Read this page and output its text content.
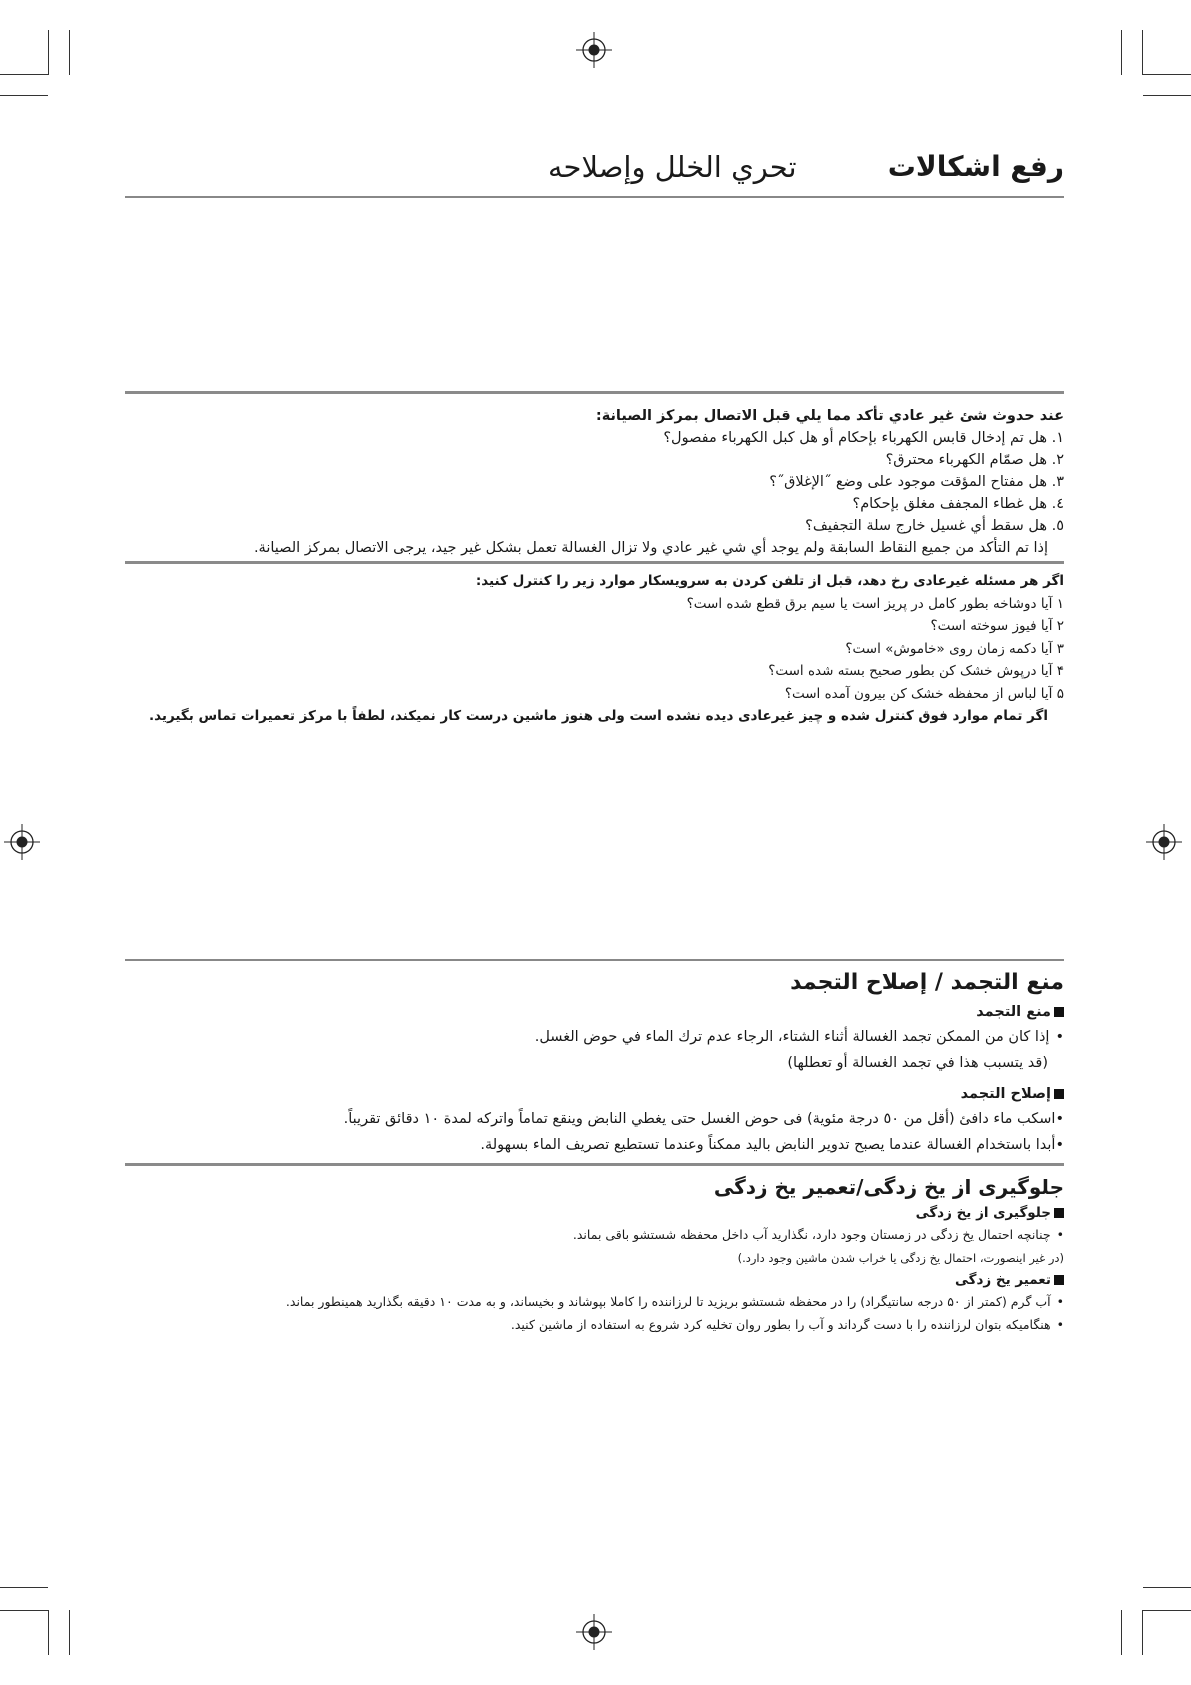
رفع اشكالات
تحري الخلل وإصلاحه
عند حدوث شئ غير عادي تأكد مما يلي قبل الاتصال بمركز الصيانة:
١. هل تم إدخال قابس الكهرباء بإحكام أو هل كبل الكهرباء مفصول؟
٢. هل صمّام الكهرباء محترق؟
٣. هل مفتاح المؤقت موجود على وضع ˝الإغلاق˝؟
٤. هل غطاء المجفف مغلق بإحكام؟
٥. هل سقط أي غسيل خارج سلة التجفيف؟
إذا تم التأكد من جميع النقاط السابقة ولم يوجد أي شي غير عادي ولا تزال الغسالة تعمل بشكل غير جيد، يرجى الاتصال بمركز الصيانة.
اگر هر مسئله غیرعادی رخ دهد، قبل از تلفن کردن به سرویسکار موارد زیر را کنترل کنید:
١ آیا دوشاخه بطور کامل در پریز است یا سیم برق قطع شده است؟
٢ آیا فیوز سوخته است؟
٣ آیا دکمه زمان روی «خاموش» است؟
۴ آیا درپوش خشک کن بطور صحیح بسته شده است؟
۵ آیا لباس از محفظه خشک کن بیرون آمده است؟
اگر تمام موارد فوق کنترل شده و چیز غیرعادی دیده نشده است ولی هنوز ماشین درست کار نمیکند، لطفاً با مرکز تعمیرات تماس بگیرید.
منع التجمد / إصلاح التجمد
منع التجمد
•إذا كان من الممكن تجمد الغسالة أثناء الشتاء، الرجاء عدم ترك الماء في حوض الغسل.
(قد يتسبب هذا في تجمد الغسالة أو تعطلها)
إصلاح التجمد
•اسكب ماء دافئ (أقل من ٥٠ درجة مئوية) فى حوض الغسل حتى يغطي النابض وينقع تماماً واتركه لمدة ١٠ دقائق تقريباً.
•أبدا باستخدام الغسالة عندما يصبح تدوير النابض باليد ممكناً وعندما تستطيع تصريف الماء بسهولة.
جلوگیری از یخ زدگی/تعمیر یخ زدگی
جلوگیری از یخ زدگی
•چنانچه احتمال یخ زدگی در زمستان وجود دارد، نگذارید آب داخل محفظه شستشو باقی بماند.
(در غیر اینصورت، احتمال یخ زدگی یا خراب شدن ماشین وجود دارد.)
تعمیر یخ زدگی
•آب گرم (کمتر از ۵۰ درجه سانتیگراد) را در محفظه شستشو بریزید تا لرزاننده را کاملا بپوشاند و بخیساند، و به مدت ۱۰ دقیقه بگذارید همینطور بماند.
•هنگامیکه بتوان لرزاننده را با دست گرداند و آب را بطور روان تخلیه کرد شروع به استفاده از ماشین کنید.
